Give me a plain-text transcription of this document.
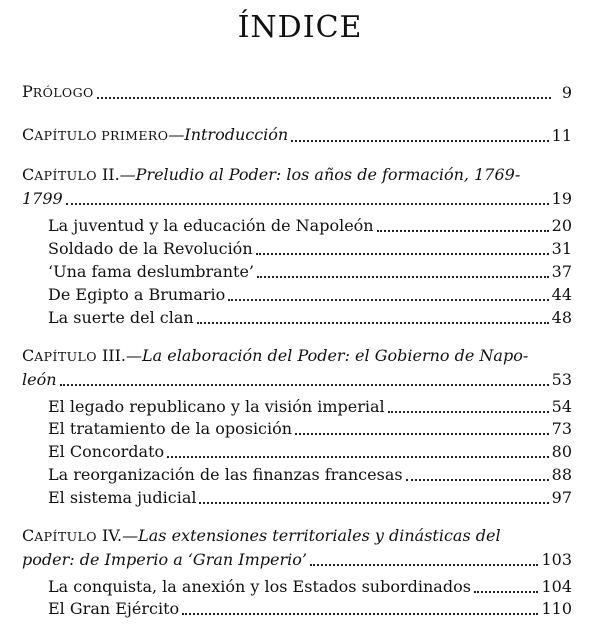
ÍNDICE
PRÓLOGO	9
CAPÍTULO PRIMERO—Introducción	11
CAPÍTULO II.—Preludio al Poder: los años de formación, 1769-
1799	19
La juventud y la educación de Napoleón	20
Soldado de la Revolución	31
‘Una fama deslumbrante’	37
De Egipto a Brumario	44
La suerte del clan	48
CAPÍTULO III.—La elaboración del Poder: el Gobierno de Napo-
león	53
El legado republicano y la visión imperial	54
El tratamiento de la oposición	73
El Concordato	80
La reorganización de las finanzas francesas	88
El sistema judicial	97
CAPÍTULO IV.—Las extensiones territoriales y dinásticas del
poder: de Imperio a ‘Gran Imperio’	103
La conquista, la anexión y los Estados subordinados	104
El Gran Ejército	110
